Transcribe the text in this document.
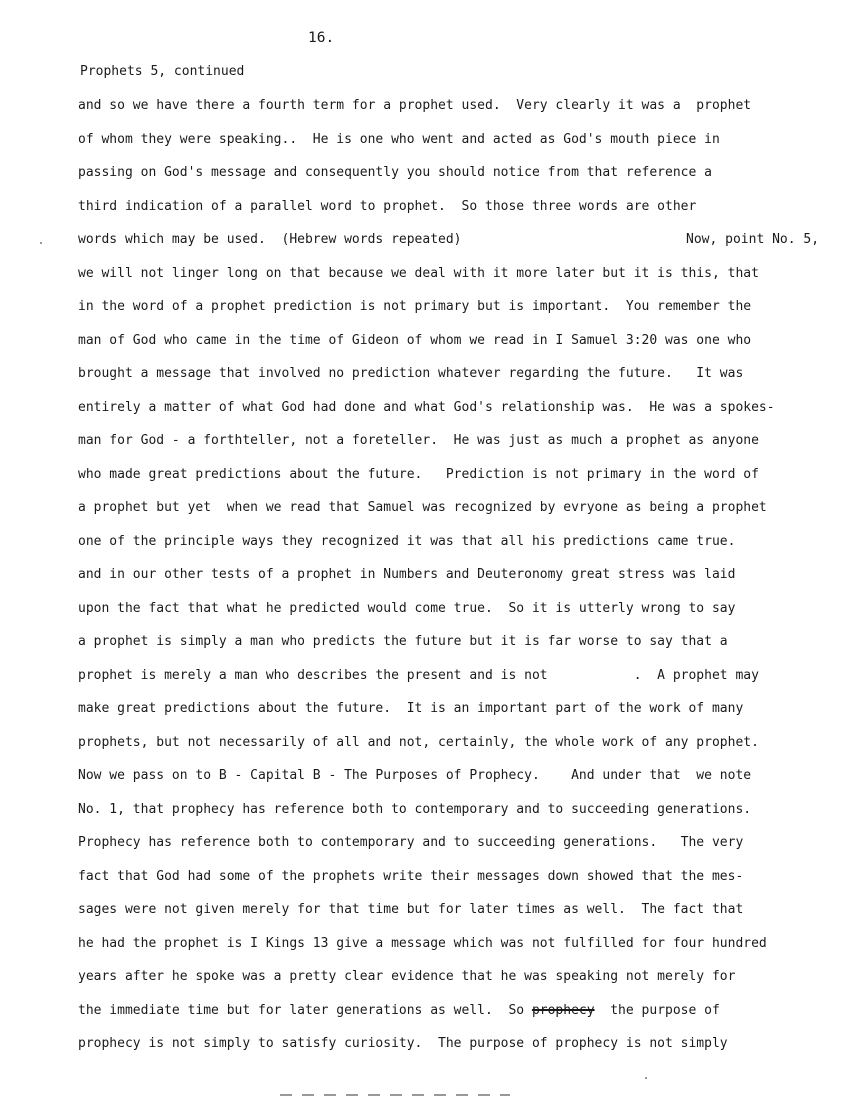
16.
Prophets 5, continued
and so we have there a fourth term for a prophet used.  Very clearly it was a  prophet
of whom they were speaking..  He is one who went and acted as God's mouth piece in
passing on God's message and consequently you should notice from that reference a
third indication of a parallel word to prophet.  So those three words are other
words which may be used.  (Hebrew words repeated)	Now, point No. 5,
we will not linger long on that because we deal with it more later but it is this, that
in the word of a prophet prediction is not primary but is important.  You remember the
man of God who came in the time of Gideon of whom we read in I Samuel 3:20 was one who
brought a message that involved no prediction whatever regarding the future.   It was
entirely a matter of what God had done and what God's relationship was.  He was a spokes-
man for God - a forthteller, not a foreteller.  He was just as much a prophet as anyone
who made great predictions about the future.   Prediction is not primary in the word of
a prophet but yet  when we read that Samuel was recognized by evryone as being a prophet
one of the principle ways they recognized it was that all his predictions came true.
and in our other tests of a prophet in Numbers and Deuteronomy great stress was laid
upon the fact that what he predicted would come true.  So it is utterly wrong to say
a prophet is simply a man who predicts the future but it is far worse to say that a
prophet is merely a man who describes the present and is not           .  A prophet may
make great predictions about the future.  It is an important part of the work of many
prophets, but not necessarily of all and not, certainly, the whole work of any prophet.
Now we pass on to B - Capital B - The Purposes of Prophecy.    And under that  we note
No. 1, that prophecy has reference both to contemporary and to succeeding generations.
Prophecy has reference both to contemporary and to succeeding generations.   The very
fact that God had some of the prophets write their messages down showed that the mes-
sages were not given merely for that time but for later times as well.  The fact that
he had the prophet is I Kings 13 give a message which was not fulfilled for four hundred
years after he spoke was a pretty clear evidence that he was speaking not merely for
the immediate time but for later generations as well.  So prophecy  the purpose of
prophecy is not simply to satisfy curiosity.  The purpose of prophecy is not simply
